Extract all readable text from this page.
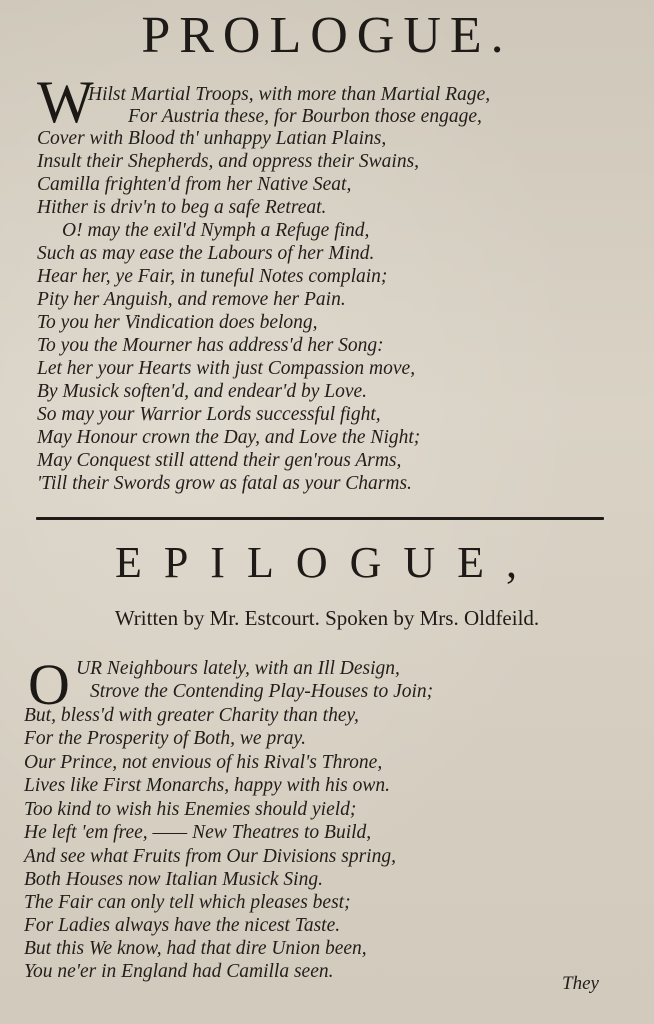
PROLOGUE.
W
Hilst Martial Troops, with more than Martial Rage,
For Austria these, for Bourbon those engage,
Cover with Blood th' unhappy Latian Plains,
Insult their Shepherds, and oppress their Swains,
Camilla frighten'd from her Native Seat,
Hither is driv'n to beg a safe Retreat.
O! may the exil'd Nymph a Refuge find,
Such as may ease the Labours of her Mind.
Hear her, ye Fair, in tuneful Notes complain;
Pity her Anguish, and remove her Pain.
To you her Vindication does belong,
To you the Mourner has address'd her Song:
Let her your Hearts with just Compassion move,
By Musick soften'd, and endear'd by Love.
So may your Warrior Lords successful fight,
May Honour crown the Day, and Love the Night;
May Conquest still attend their gen'rous Arms,
'Till their Swords grow as fatal as your Charms.
EPILOGUE,
Written by Mr. Estcourt. Spoken by Mrs. Oldfeild.
O UR Neighbours lately, with an Ill Design,
Strove the Contending Play-Houses to Join;
But, bless'd with greater Charity than they,
For the Prosperity of Both, we pray.
Our Prince, not envious of his Rival's Throne,
Lives like First Monarchs, happy with his own.
Too kind to wish his Enemies should yield;
He left 'em free, —— New Theatres to Build,
And see what Fruits from Our Divisions spring,
Both Houses now Italian Musick Sing.
The Fair can only tell which pleases best;
For Ladies always have the nicest Taste.
But this We know, had that dire Union been,
You ne'er in England had Camilla seen.
They
